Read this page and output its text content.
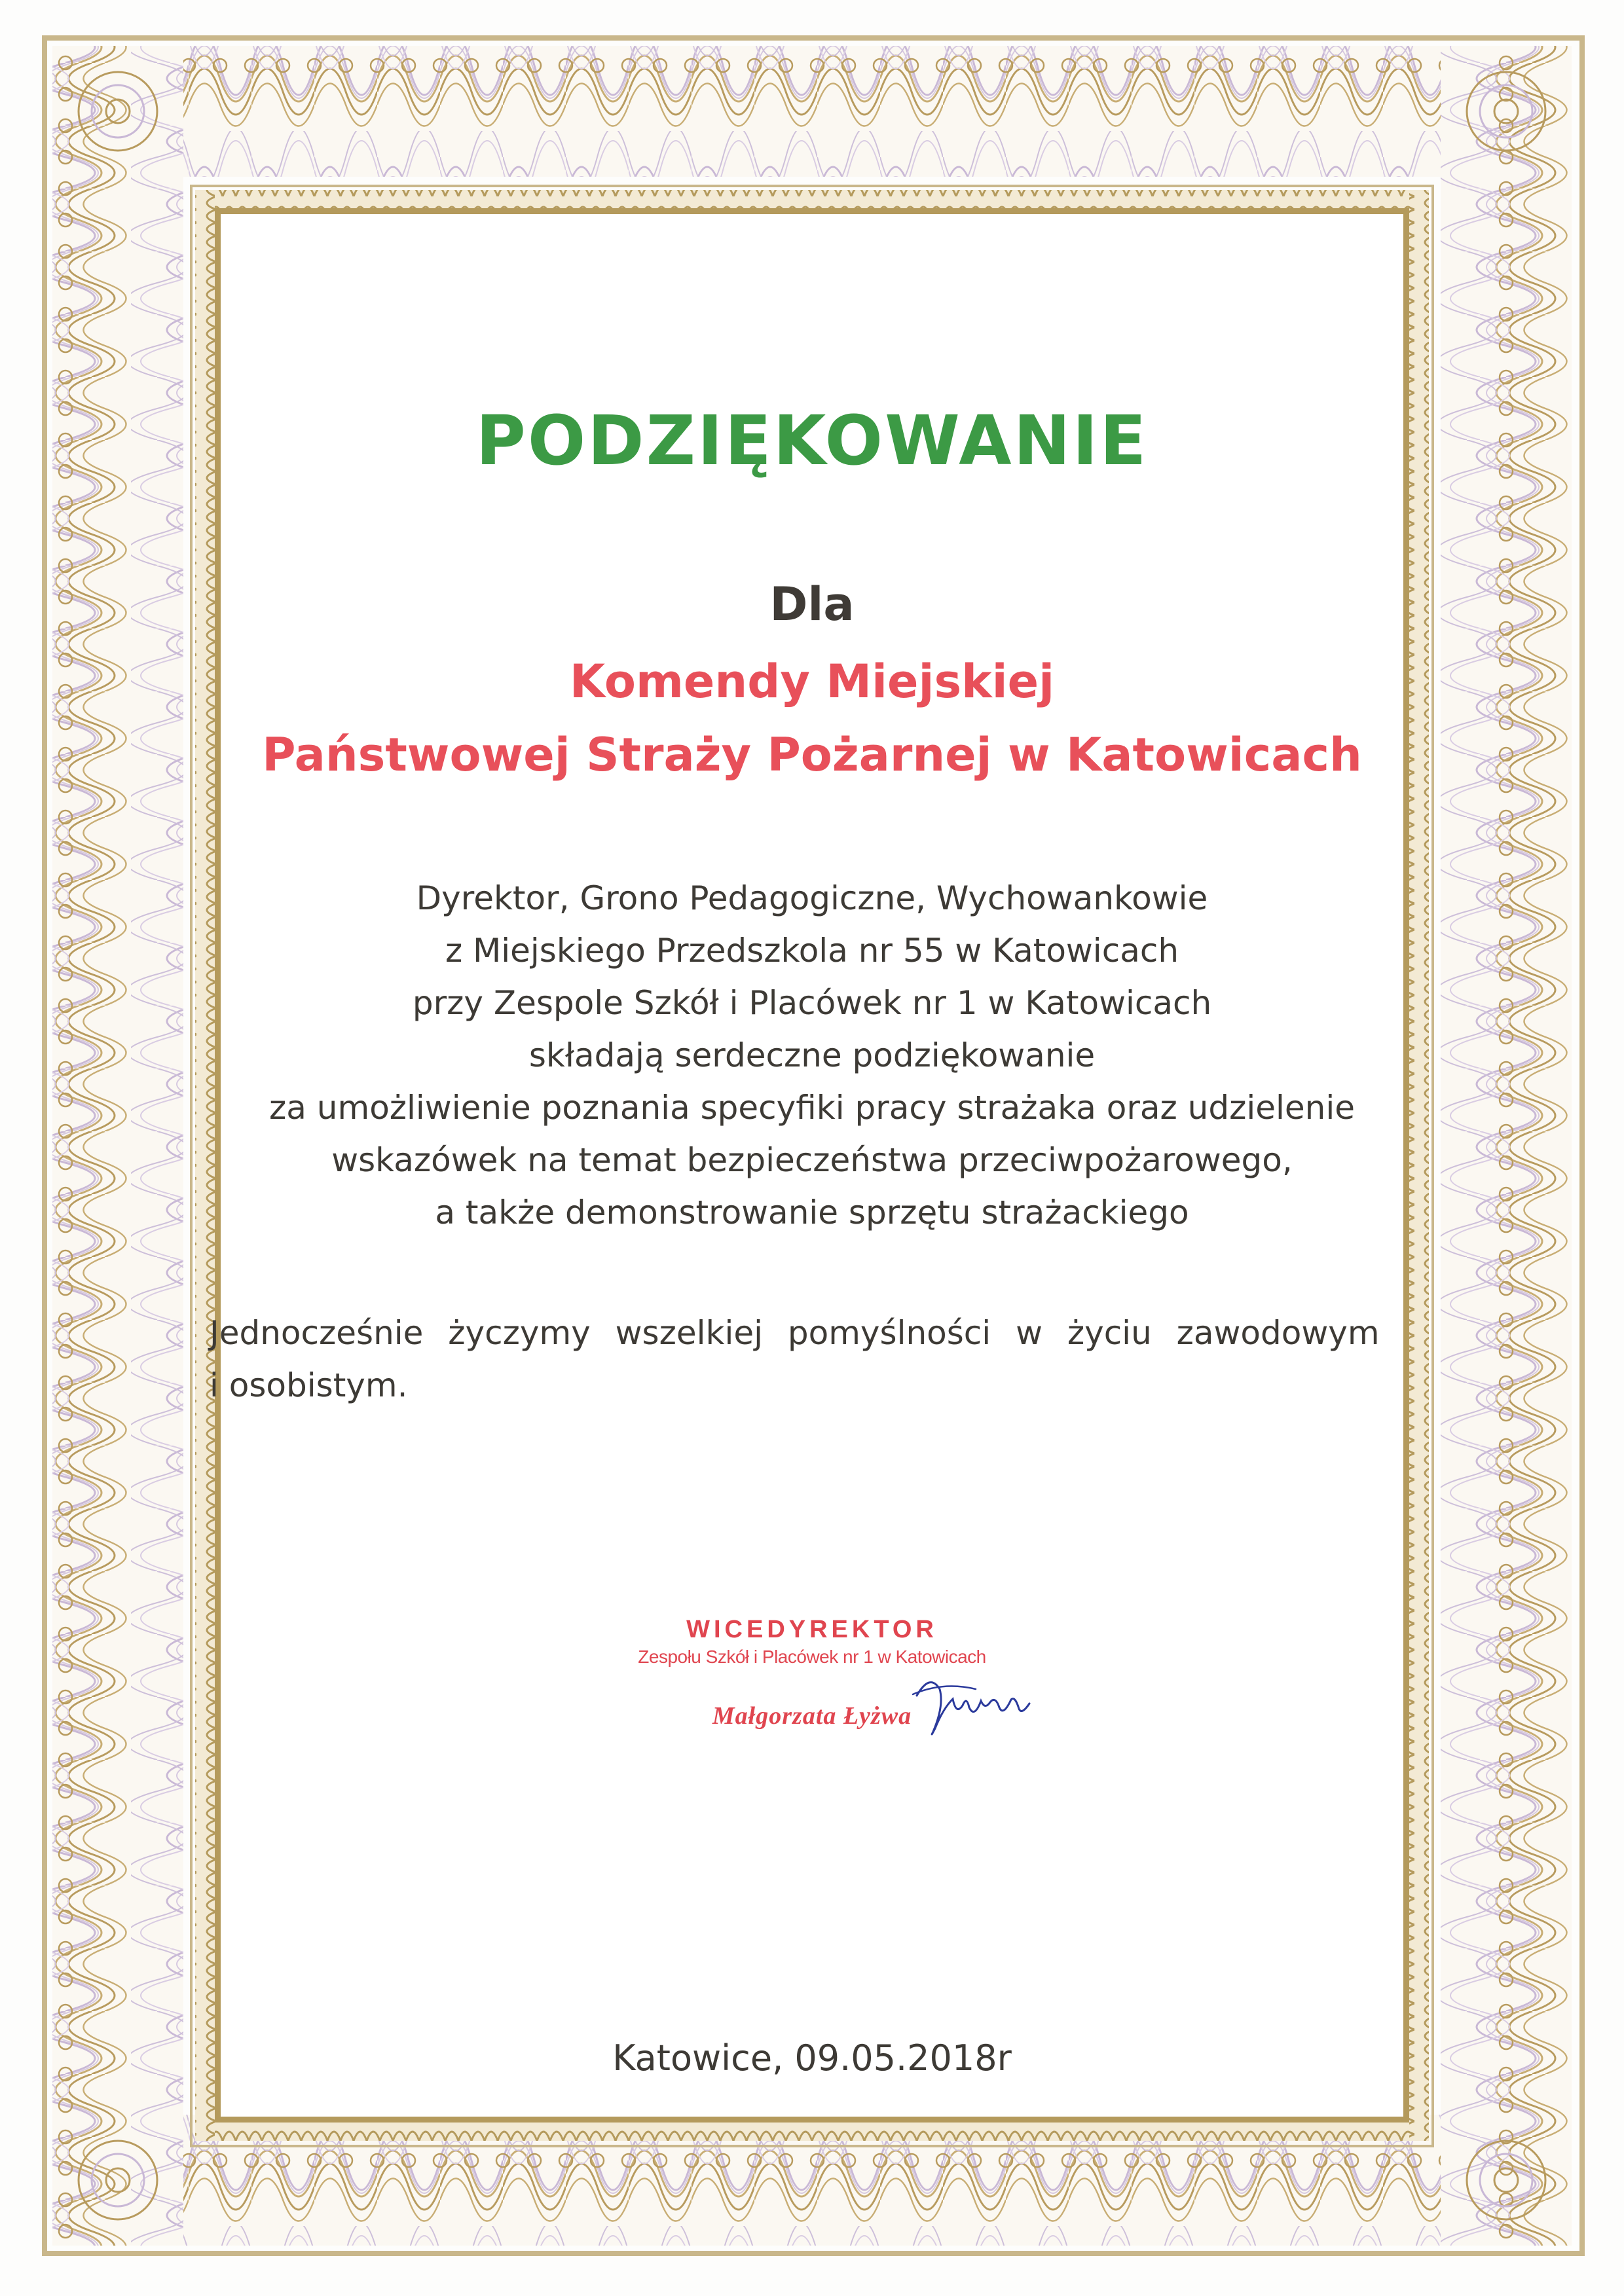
PODZIĘKOWANIE
Dla
Komendy Miejskiej
Państwowej Straży Pożarnej w Katowicach
Dyrektor, Grono Pedagogiczne, Wychowankowie
z Miejskiego Przedszkola nr 55 w Katowicach
przy Zespole Szkół i Placówek nr 1 w Katowicach
składają serdeczne podziękowanie
za umożliwienie poznania specyfiki pracy strażaka oraz udzielenie
wskazówek na temat bezpieczeństwa przeciwpożarowego,
a także demonstrowanie sprzętu strażackiego
Jednocześnie życzymy wszelkiej pomyślności w życiu zawodowym
i osobistym.
WICEDYREKTOR
Zespołu Szkół i Placówek nr 1 w Katowicach
Małgorzata Łyżwa
Katowice, 09.05.2018r
